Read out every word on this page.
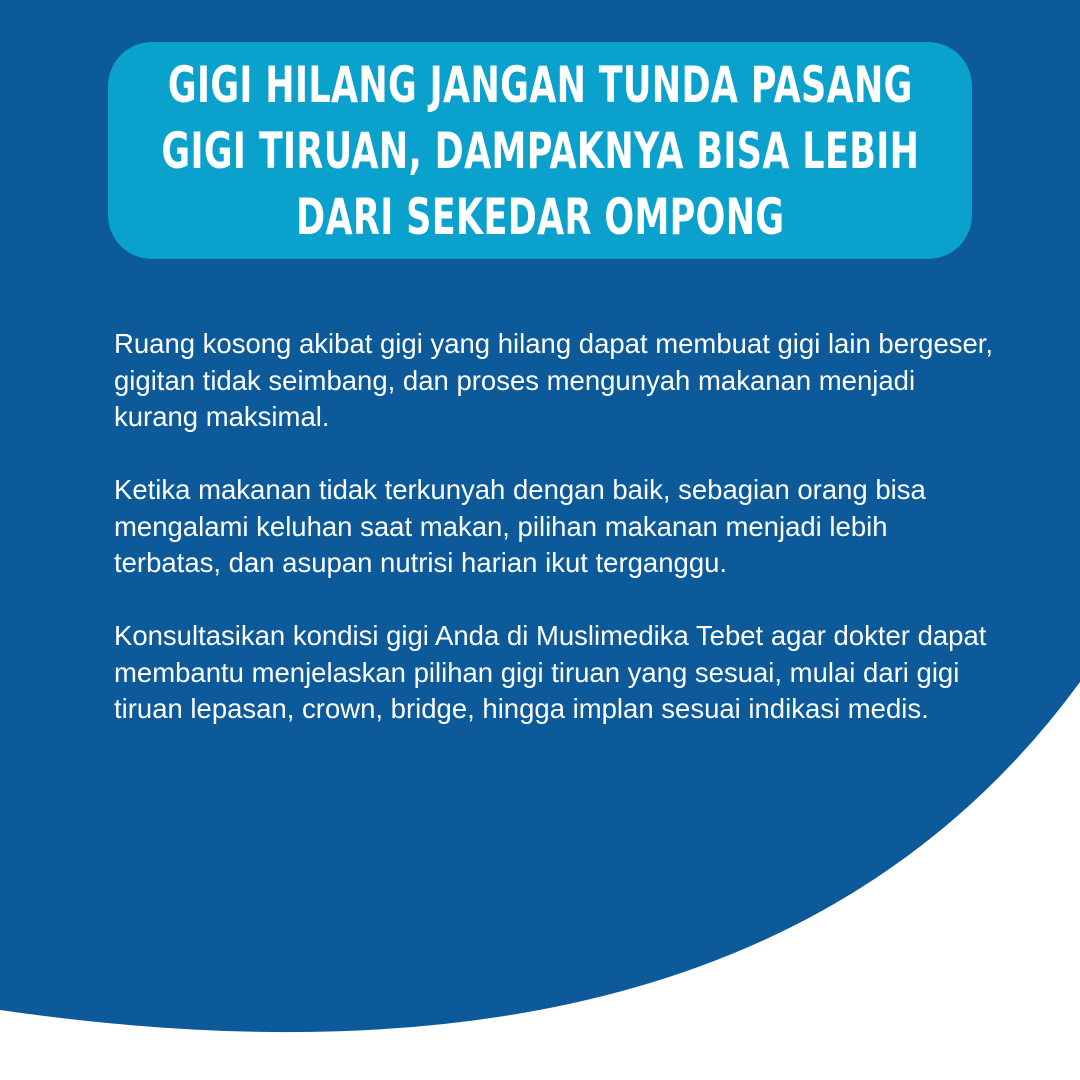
GIGI HILANG JANGAN TUNDA PASANG
GIGI TIRUAN, DAMPAKNYA BISA LEBIH
DARI SEKEDAR OMPONG

Ruang kosong akibat gigi yang hilang dapat membuat gigi lain bergeser, gigitan tidak seimbang, dan proses mengunyah makanan menjadi kurang maksimal.

Ketika makanan tidak terkunyah dengan baik, sebagian orang bisa mengalami keluhan saat makan, pilihan makanan menjadi lebih terbatas, dan asupan nutrisi harian ikut terganggu.

Konsultasikan kondisi gigi Anda di Muslimedika Tebet agar dokter dapat membantu menjelaskan pilihan gigi tiruan yang sesuai, mulai dari gigi tiruan lepasan, crown, bridge, hingga implan sesuai indikasi medis.
